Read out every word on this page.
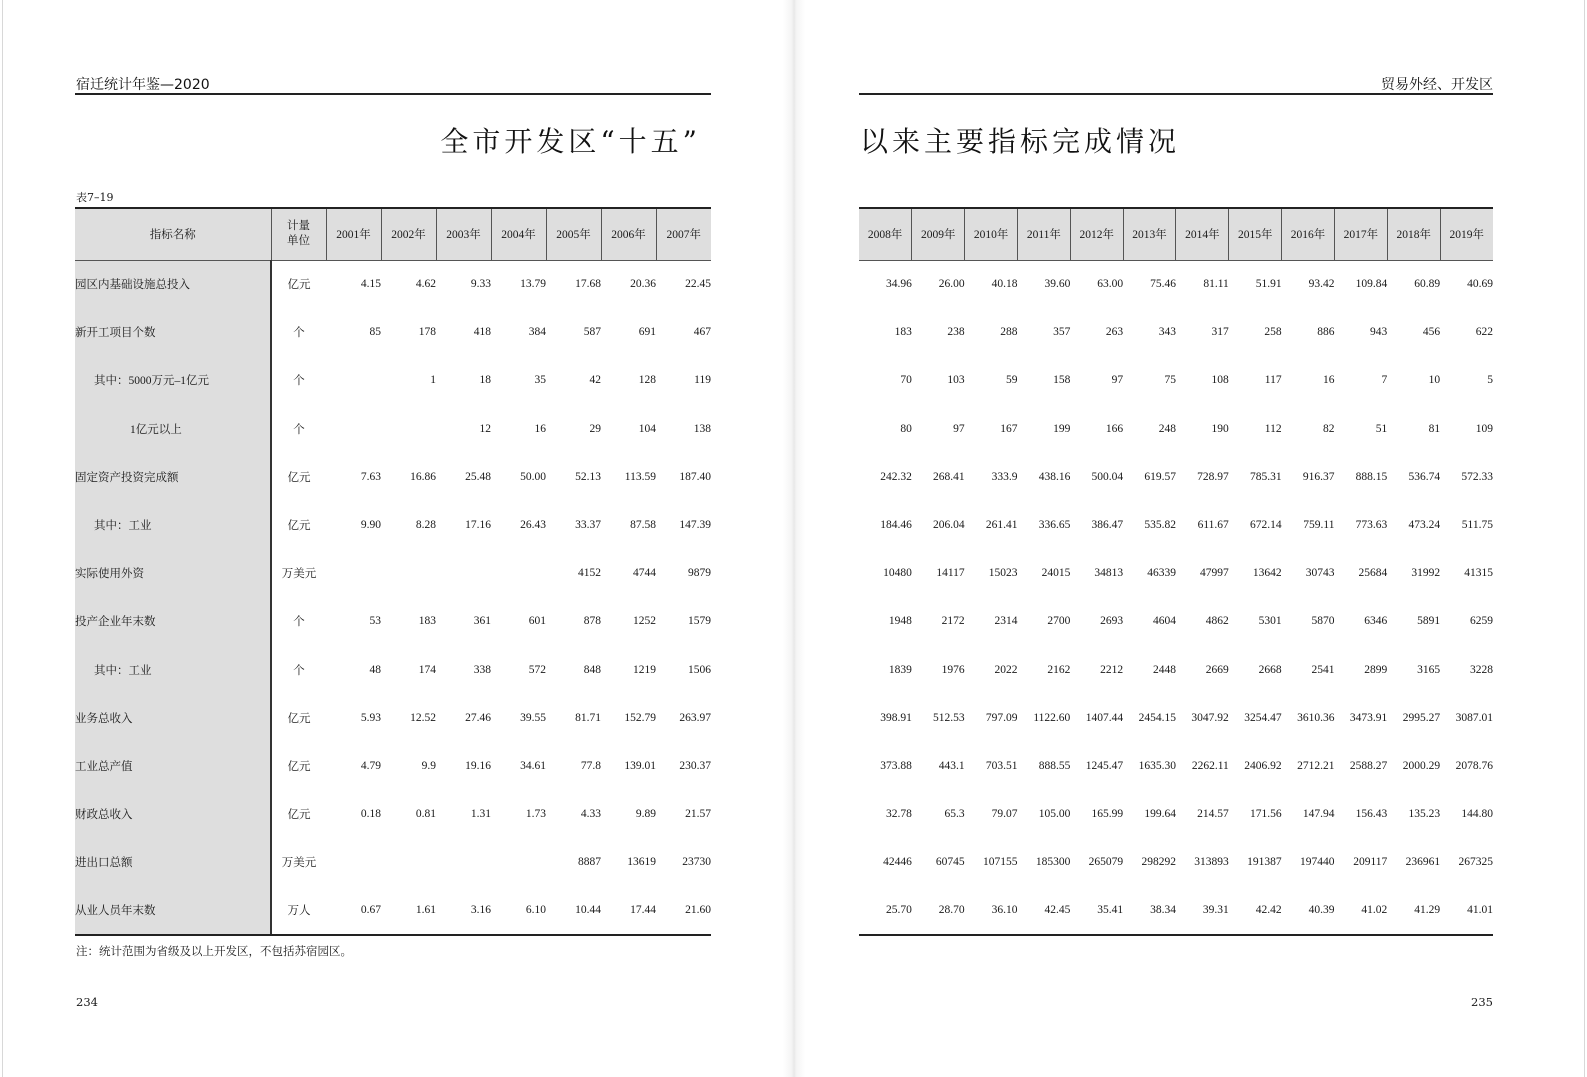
宿迁统计年鉴—2020
全市开发区“十五”
表7–19
指标名称	计量单位	2001年	2002年	2003年	2004年	2005年	2006年	2007年
园区内基础设施总投入	亿元	4.15	4.62	9.33	13.79	17.68	20.36	22.45
新开工项目个数	个	85	178	418	384	587	691	467
其中：5000万元–1亿元	个		1	18	35	42	128	119
1亿元以上	个			12	16	29	104	138
固定资产投资完成额	亿元	7.63	16.86	25.48	50.00	52.13	113.59	187.40
其中：工业	亿元	9.90	8.28	17.16	26.43	33.37	87.58	147.39
实际使用外资	万美元					4152	4744	9879
投产企业年末数	个	53	183	361	601	878	1252	1579
其中：工业	个	48	174	338	572	848	1219	1506
业务总收入	亿元	5.93	12.52	27.46	39.55	81.71	152.79	263.97
工业总产值	亿元	4.79	9.9	19.16	34.61	77.8	139.01	230.37
财政总收入	亿元	0.18	0.81	1.31	1.73	4.33	9.89	21.57
进出口总额	万美元					8887	13619	23730
从业人员年末数	万人	0.67	1.61	3.16	6.10	10.44	17.44	21.60
注：统计范围为省级及以上开发区，不包括苏宿园区。
234
贸易外经、开发区
以来主要指标完成情况
2008年	2009年	2010年	2011年	2012年	2013年	2014年	2015年	2016年	2017年	2018年	2019年
34.96	26.00	40.18	39.60	63.00	75.46	81.11	51.91	93.42	109.84	60.89	40.69
183	238	288	357	263	343	317	258	886	943	456	622
70	103	59	158	97	75	108	117	16	7	10	5
80	97	167	199	166	248	190	112	82	51	81	109
242.32	268.41	333.9	438.16	500.04	619.57	728.97	785.31	916.37	888.15	536.74	572.33
184.46	206.04	261.41	336.65	386.47	535.82	611.67	672.14	759.11	773.63	473.24	511.75
10480	14117	15023	24015	34813	46339	47997	13642	30743	25684	31992	41315
1948	2172	2314	2700	2693	4604	4862	5301	5870	6346	5891	6259
1839	1976	2022	2162	2212	2448	2669	2668	2541	2899	3165	3228
398.91	512.53	797.09	1122.60	1407.44	2454.15	3047.92	3254.47	3610.36	3473.91	2995.27	3087.01
373.88	443.1	703.51	888.55	1245.47	1635.30	2262.11	2406.92	2712.21	2588.27	2000.29	2078.76
32.78	65.3	79.07	105.00	165.99	199.64	214.57	171.56	147.94	156.43	135.23	144.80
42446	60745	107155	185300	265079	298292	313893	191387	197440	209117	236961	267325
25.70	28.70	36.10	42.45	35.41	38.34	39.31	42.42	40.39	41.02	41.29	41.01
235
